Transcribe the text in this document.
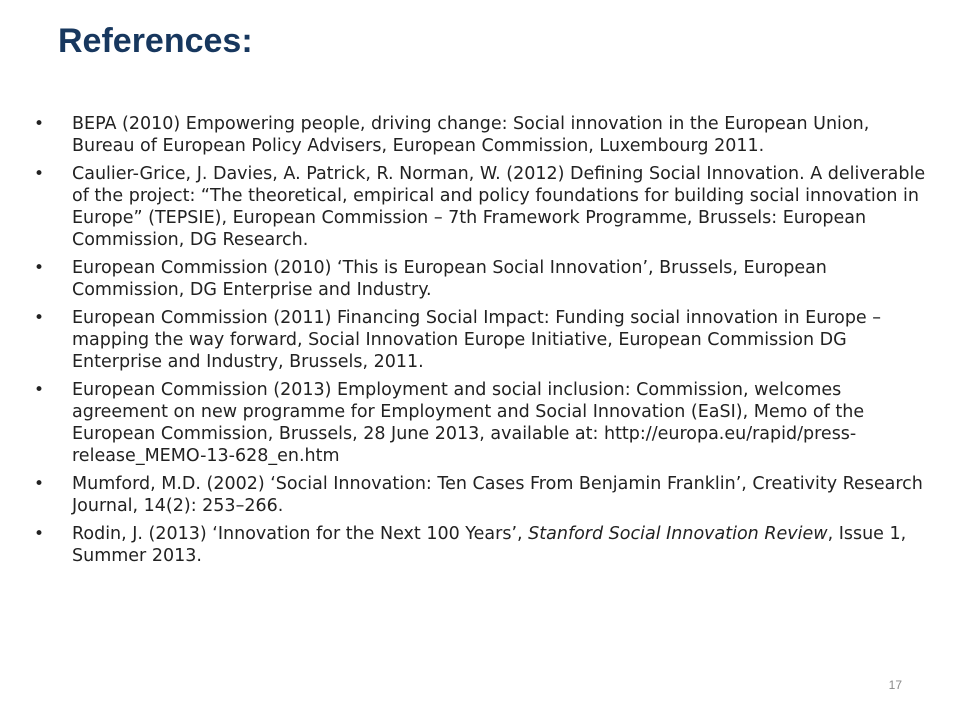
References:
• BEPA (2010) Empowering people, driving change: Social innovation in the European Union, Bureau of European Policy Advisers, European Commission, Luxembourg 2011.
• Caulier-Grice, J. Davies, A. Patrick, R. Norman, W. (2012) Defining Social Innovation. A deliverable of the project: “The theoretical, empirical and policy foundations for building social innovation in Europe” (TEPSIE), European Commission – 7th Framework Programme, Brussels: European Commission, DG Research.
• European Commission (2010) ‘This is European Social Innovation’, Brussels, European Commission, DG Enterprise and Industry.
• European Commission (2011) Financing Social Impact: Funding social innovation in Europe – mapping the way forward, Social Innovation Europe Initiative, European Commission DG Enterprise and Industry, Brussels, 2011.
• European Commission (2013) Employment and social inclusion: Commission, welcomes agreement on new programme for Employment and Social Innovation (EaSI), Memo of the European Commission, Brussels, 28 June 2013, available at: http://europa.eu/rapid/press-release_MEMO-13-628_en.htm
• Mumford, M.D. (2002) ‘Social Innovation: Ten Cases From Benjamin Franklin’, Creativity Research Journal, 14(2): 253–266.
• Rodin, J. (2013) ‘Innovation for the Next 100 Years’, Stanford Social Innovation Review, Issue 1, Summer 2013.
17
